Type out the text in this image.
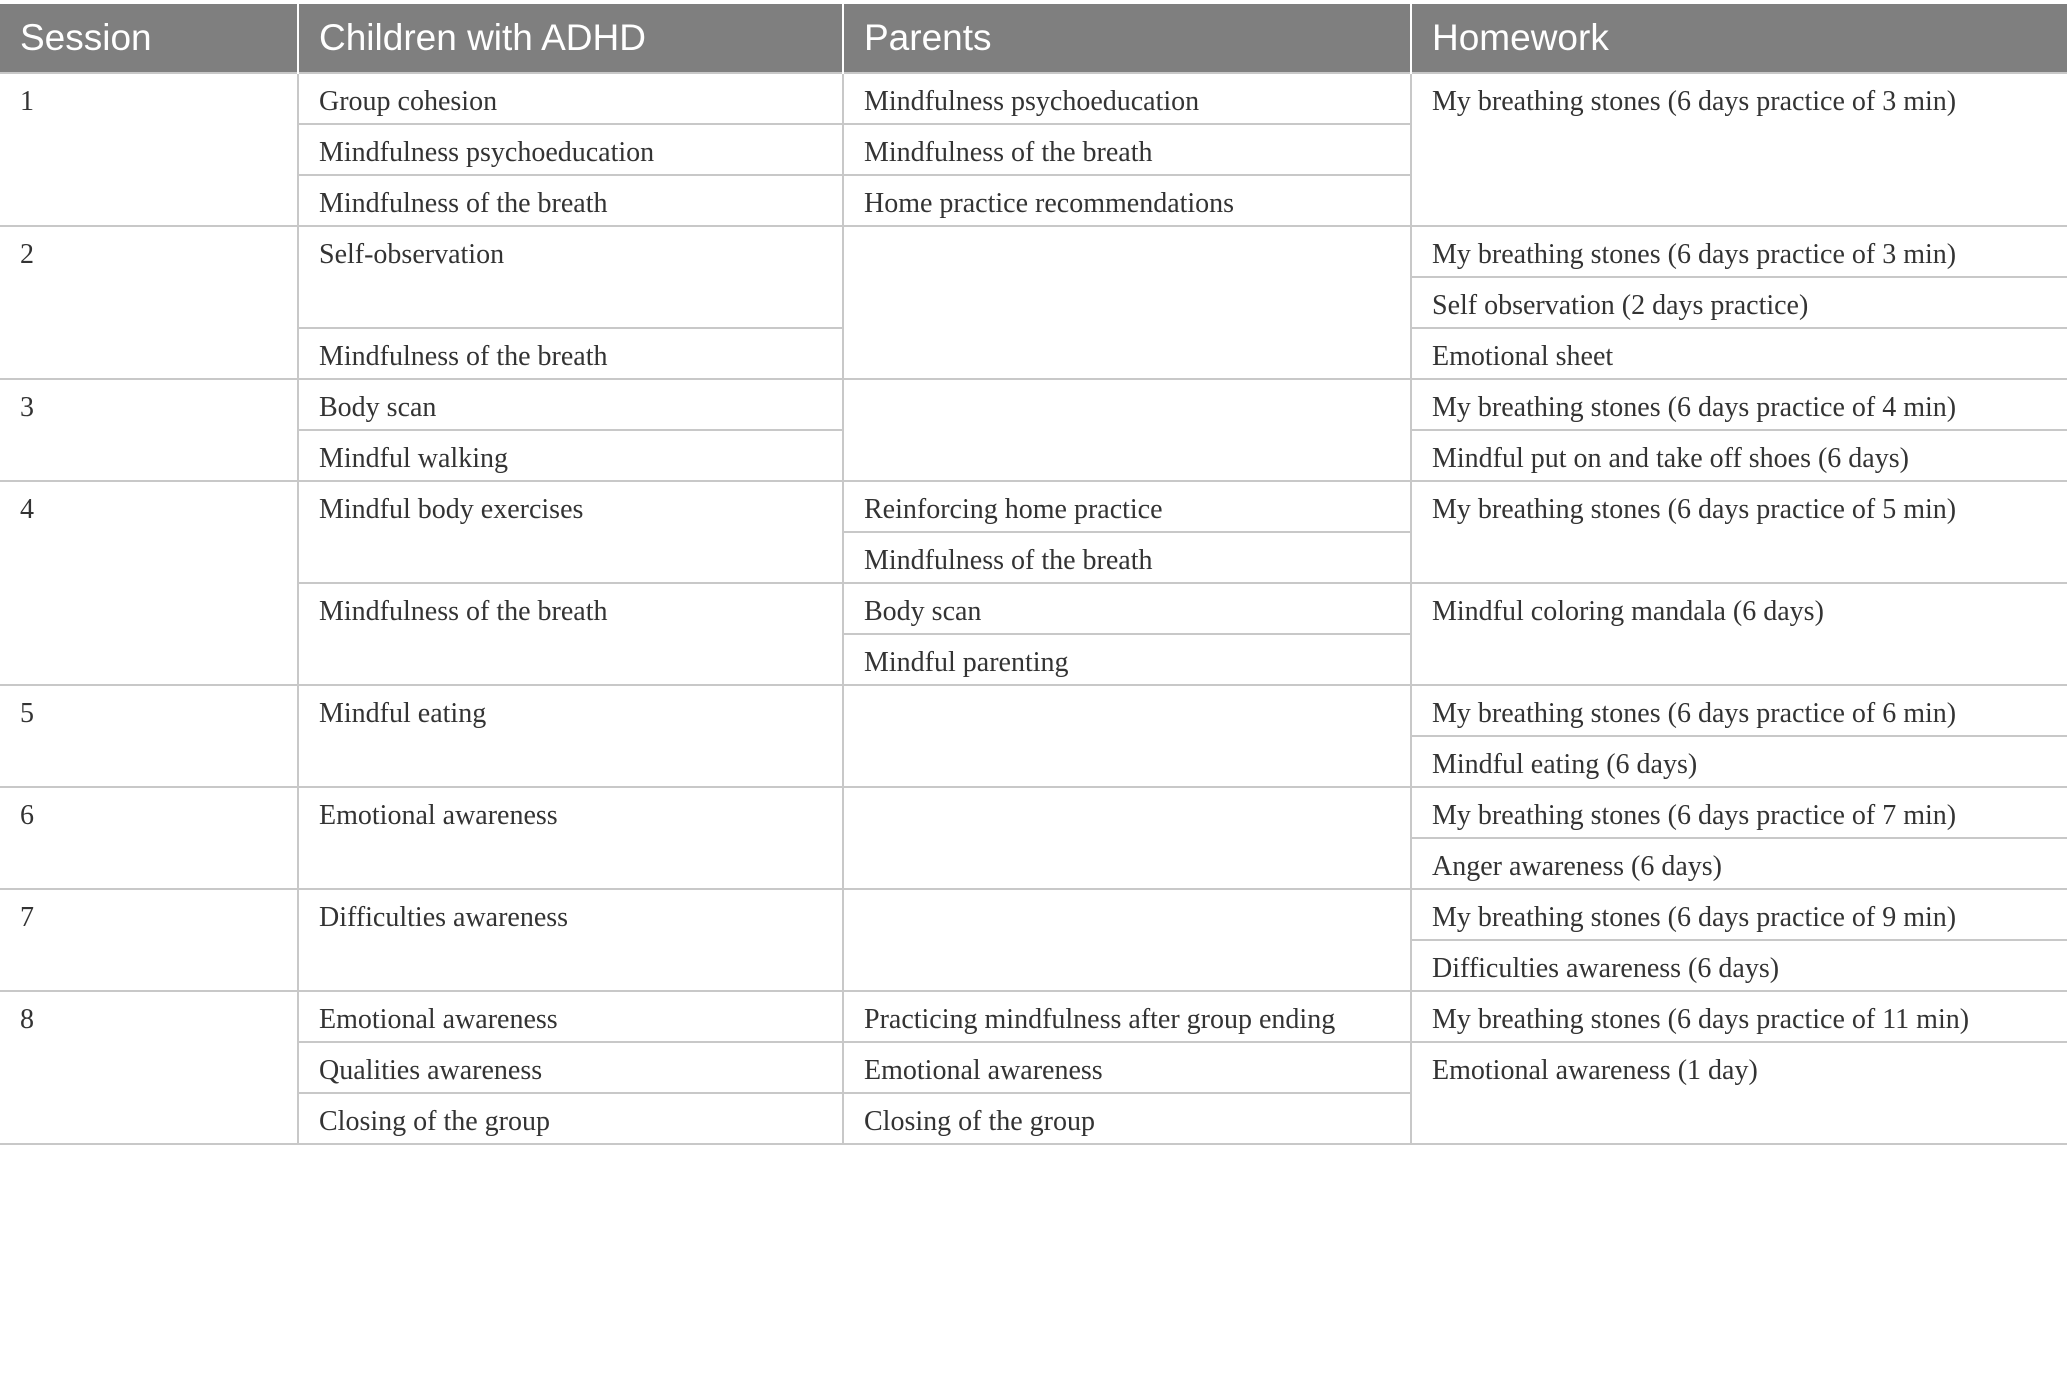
Session	Children with ADHD	Parents	Homework
1	Group cohesion	Mindfulness psychoeducation	My breathing stones (6 days practice of 3 min)
	Mindfulness psychoeducation	Mindfulness of the breath	
	Mindfulness of the breath	Home practice recommendations	
2	Self-observation		My breathing stones (6 days practice of 3 min)
			Self observation (2 days practice)
	Mindfulness of the breath		Emotional sheet
3	Body scan		My breathing stones (6 days practice of 4 min)
	Mindful walking		Mindful put on and take off shoes (6 days)
4	Mindful body exercises	Reinforcing home practice	My breathing stones (6 days practice of 5 min)
		Mindfulness of the breath	
	Mindfulness of the breath	Body scan	Mindful coloring mandala (6 days)
		Mindful parenting	
5	Mindful eating		My breathing stones (6 days practice of 6 min)
			Mindful eating (6 days)
6	Emotional awareness		My breathing stones (6 days practice of 7 min)
			Anger awareness (6 days)
7	Difficulties awareness		My breathing stones (6 days practice of 9 min)
			Difficulties awareness (6 days)
8	Emotional awareness	Practicing mindfulness after group ending	My breathing stones (6 days practice of 11 min)
	Qualities awareness	Emotional awareness	Emotional awareness (1 day)
	Closing of the group	Closing of the group	
